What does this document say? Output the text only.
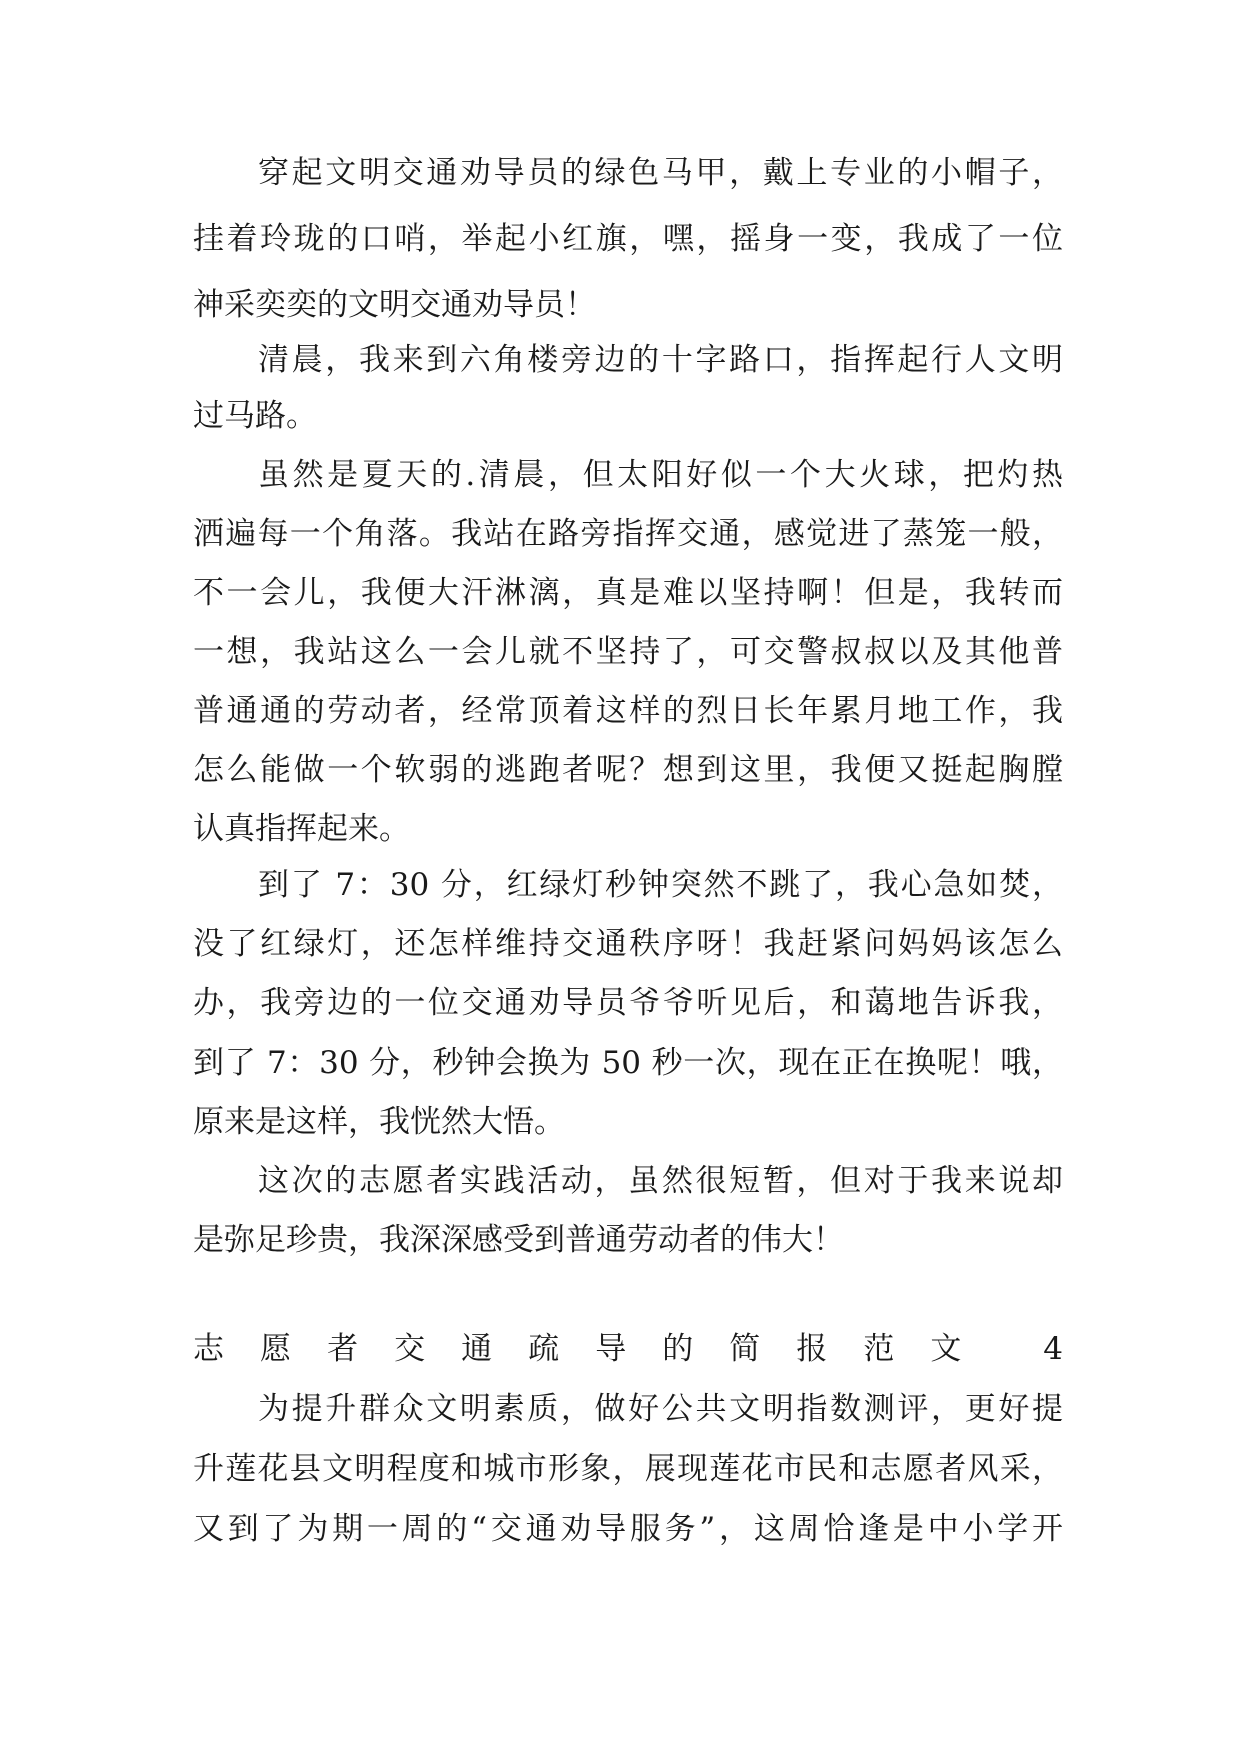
穿起文明交通劝导员的绿色马甲，戴上专业的小帽子，
挂着玲珑的口哨，举起小红旗，嘿，摇身一变，我成了一位
神采奕奕的文明交通劝导员！
清晨，我来到六角楼旁边的十字路口，指挥起行人文明
过马路。
虽然是夏天的.清晨，但太阳好似一个大火球，把灼热
洒遍每一个角落。我站在路旁指挥交通，感觉进了蒸笼一般，
不一会儿，我便大汗淋漓，真是难以坚持啊！但是，我转而
一想，我站这么一会儿就不坚持了，可交警叔叔以及其他普
普通通的劳动者，经常顶着这样的烈日长年累月地工作，我
怎么能做一个软弱的逃跑者呢？想到这里，我便又挺起胸膛
认真指挥起来。
到了 7：30 分，红绿灯秒钟突然不跳了，我心急如焚，
没了红绿灯，还怎样维持交通秩序呀！我赶紧问妈妈该怎么
办，我旁边的一位交通劝导员爷爷听见后，和蔼地告诉我，
到了 7：30 分，秒钟会换为 50 秒一次，现在正在换呢！哦，
原来是这样，我恍然大悟。
这次的志愿者实践活动，虽然很短暂，但对于我来说却
是弥足珍贵，我深深感受到普通劳动者的伟大！
志愿者交通疏导的简报范文 4
为提升群众文明素质，做好公共文明指数测评，更好提
升莲花县文明程度和城市形象，展现莲花市民和志愿者风采，
又到了为期一周的“交通劝导服务”，这周恰逢是中小学开
